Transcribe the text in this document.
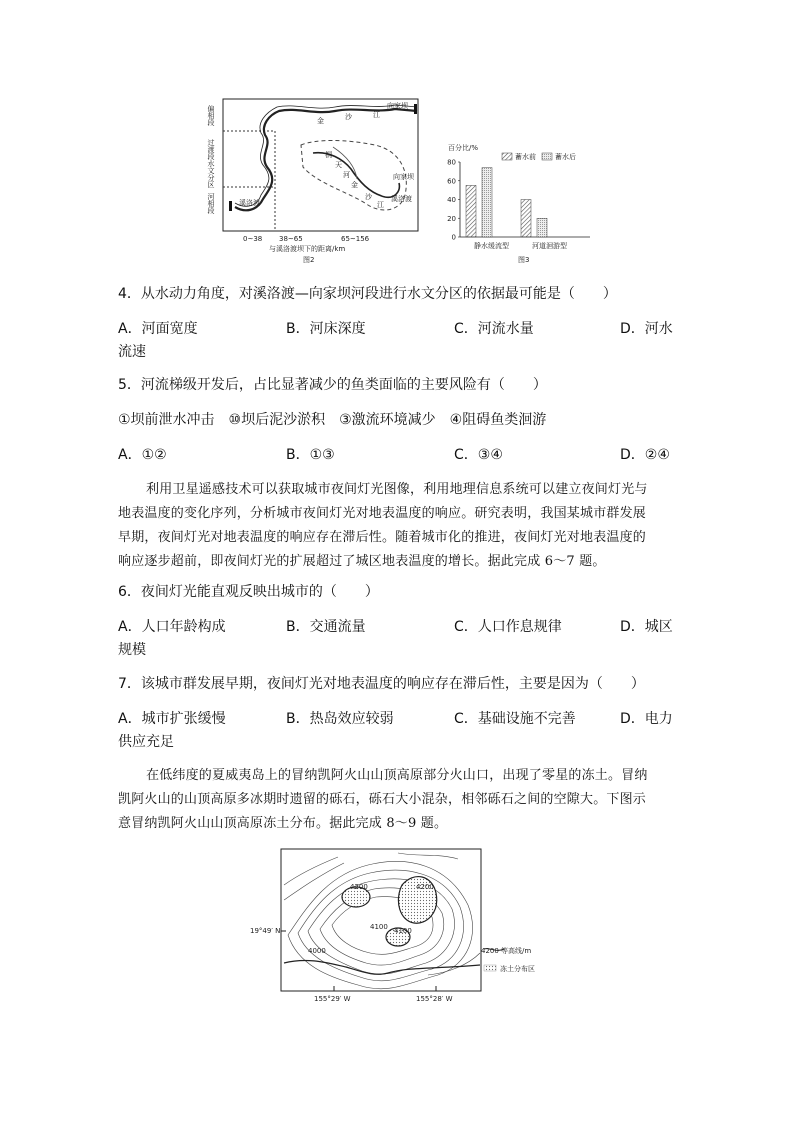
偏相段
过渡段水文分区
河相段
金	沙	江
向家坝
桐
天
河
金
沙
江
向家坝
溪洛渡
溪洛渡
0~38 38~65	65~156
与溪洛渡坝下的距离/km
图2
百分比/%
蓄水前	蓄水后
0
20
40
60
80
静水缓流型	河道洄游型
图3
4．从水动力角度，对溪洛渡—向家坝河段进行水文分区的依据最可能是（　　）
A．河面宽度	B．河床深度	C．河流水量	D．河水
流速
5．河流梯级开发后，占比显著减少的鱼类面临的主要风险有（　　）
①坝前泄水冲击　⑩坝后泥沙淤积　③激流环境减少　④阻碍鱼类洄游
A．①②	B．①③	C．③④	D．②④
利用卫星遥感技术可以获取城市夜间灯光图像，利用地理信息系统可以建立夜间灯光与
地表温度的变化序列，分析城市夜间灯光对地表温度的响应。研究表明，我国某城市群发展
早期，夜间灯光对地表温度的响应存在滞后性。随着城市化的推进，夜间灯光对地表温度的
响应逐步超前，即夜间灯光的扩展超过了城区地表温度的增长。据此完成 6～7 题。
6．夜间灯光能直观反映出城市的（　　）
A．人口年龄构成	B．交通流量	C．人口作息规律	D．城区
规模
7．该城市群发展早期，夜间灯光对地表温度的响应存在滞后性，主要是因为（　　）
A．城市扩张缓慢	B．热岛效应较弱	C．基础设施不完善	D．电力
供应充足
在低纬度的夏威夷岛上的冒纳凯阿火山山顶高原部分火山口，出现了零星的冻土。冒纳
凯阿火山的山顶高原多冰期时遗留的砾石，砾石大小混杂，相邻砾石之间的空隙大。下图示
意冒纳凯阿火山山顶高原冻土分布。据此完成 8～9 题。
4200	4200
4100 4100
4000
19°49′ N
155°29′ W	155°28′ W
4200 等高线/m
冻土分布区
